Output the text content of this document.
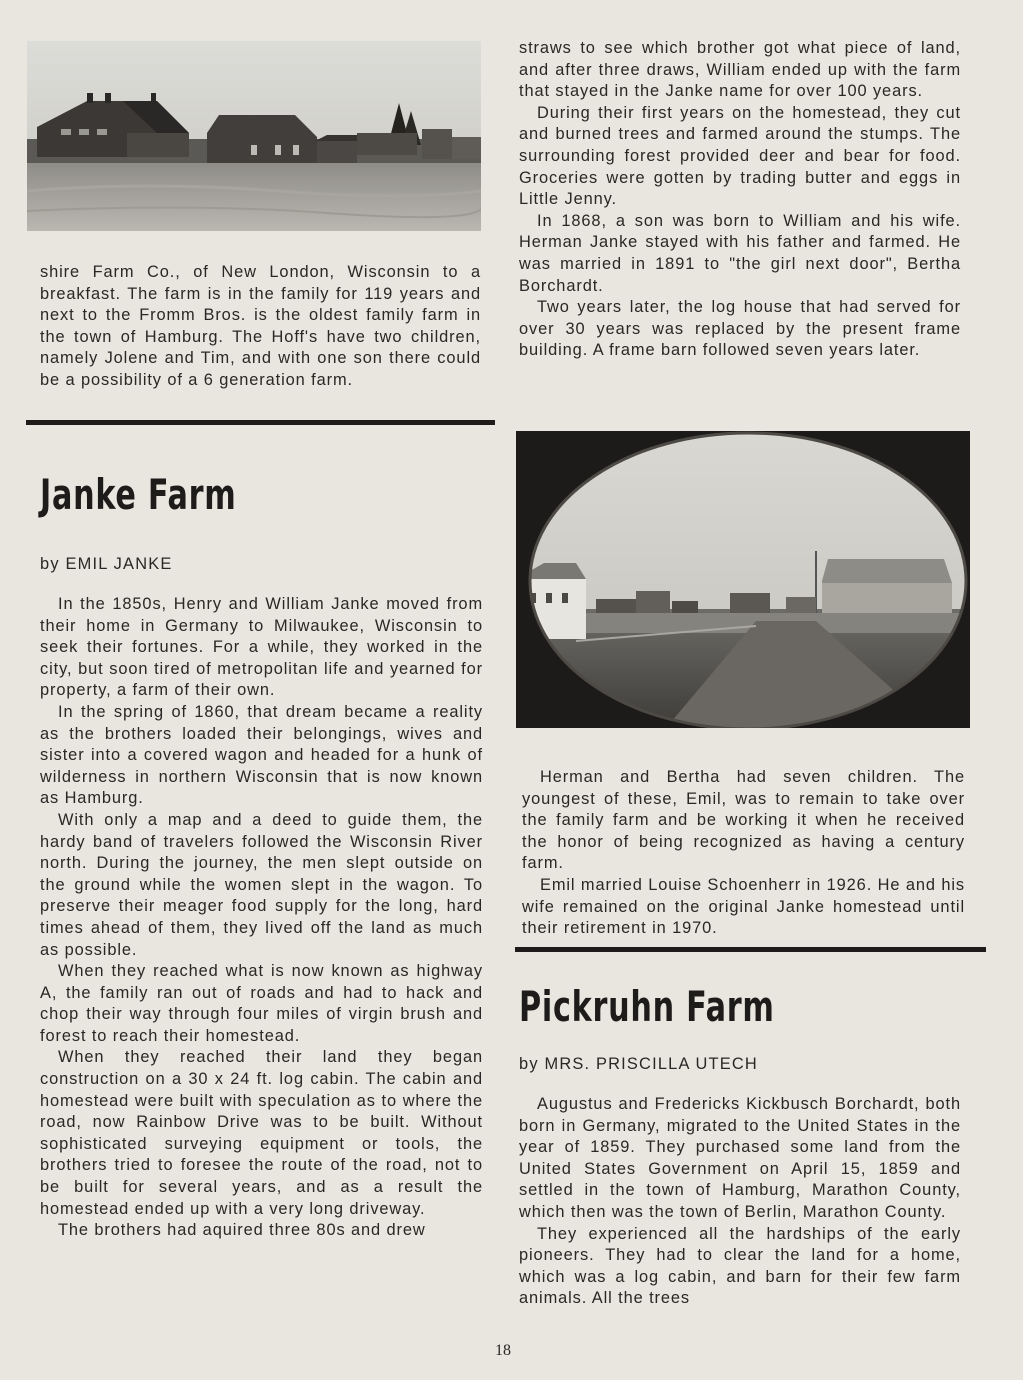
shire Farm Co., of New London, Wisconsin to a breakfast. The farm is in the family for 119 years and next to the Fromm Bros. is the oldest family farm in the town of Hamburg. The Hoff's have two children, namely Jolene and Tim, and with one son there could be a possibility of a 6 generation farm.

Janke Farm

by EMIL JANKE

In the 1850s, Henry and William Janke moved from their home in Germany to Milwaukee, Wisconsin to seek their fortunes. For a while, they worked in the city, but soon tired of metropolitan life and yearned for property, a farm of their own.

In the spring of 1860, that dream became a reality as the brothers loaded their belongings, wives and sister into a covered wagon and headed for a hunk of wilderness in northern Wisconsin that is now known as Hamburg.

With only a map and a deed to guide them, the hardy band of travelers followed the Wisconsin River north. During the journey, the men slept outside on the ground while the women slept in the wagon. To preserve their meager food supply for the long, hard times ahead of them, they lived off the land as much as possible.

When they reached what is now known as highway A, the family ran out of roads and had to hack and chop their way through four miles of virgin brush and forest to reach their homestead.

When they reached their land they began construction on a 30 x 24 ft. log cabin. The cabin and homestead were built with speculation as to where the road, now Rainbow Drive was to be built. Without sophisticated surveying equipment or tools, the brothers tried to foresee the route of the road, not to be built for several years, and as a result the homestead ended up with a very long driveway.

The brothers had aquired three 80s and drew

straws to see which brother got what piece of land, and after three draws, William ended up with the farm that stayed in the Janke name for over 100 years.

During their first years on the homestead, they cut and burned trees and farmed around the stumps. The surrounding forest provided deer and bear for food. Groceries were gotten by trading butter and eggs in Little Jenny.

In 1868, a son was born to William and his wife. Herman Janke stayed with his father and farmed. He was married in 1891 to "the girl next door", Bertha Borchardt.

Two years later, the log house that had served for over 30 years was replaced by the present frame building. A frame barn followed seven years later.

Herman and Bertha had seven children. The youngest of these, Emil, was to remain to take over the family farm and be working it when he received the honor of being recognized as having a century farm.

Emil married Louise Schoenherr in 1926. He and his wife remained on the original Janke homestead until their retirement in 1970.

Pickruhn Farm

by MRS. PRISCILLA UTECH

Augustus and Fredericks Kickbusch Borchardt, both born in Germany, migrated to the United States in the year of 1859. They purchased some land from the United States Government on April 15, 1859 and settled in the town of Hamburg, Marathon County, which then was the town of Berlin, Marathon County.

They experienced all the hardships of the early pioneers. They had to clear the land for a home, which was a log cabin, and barn for their few farm animals. All the trees

18
